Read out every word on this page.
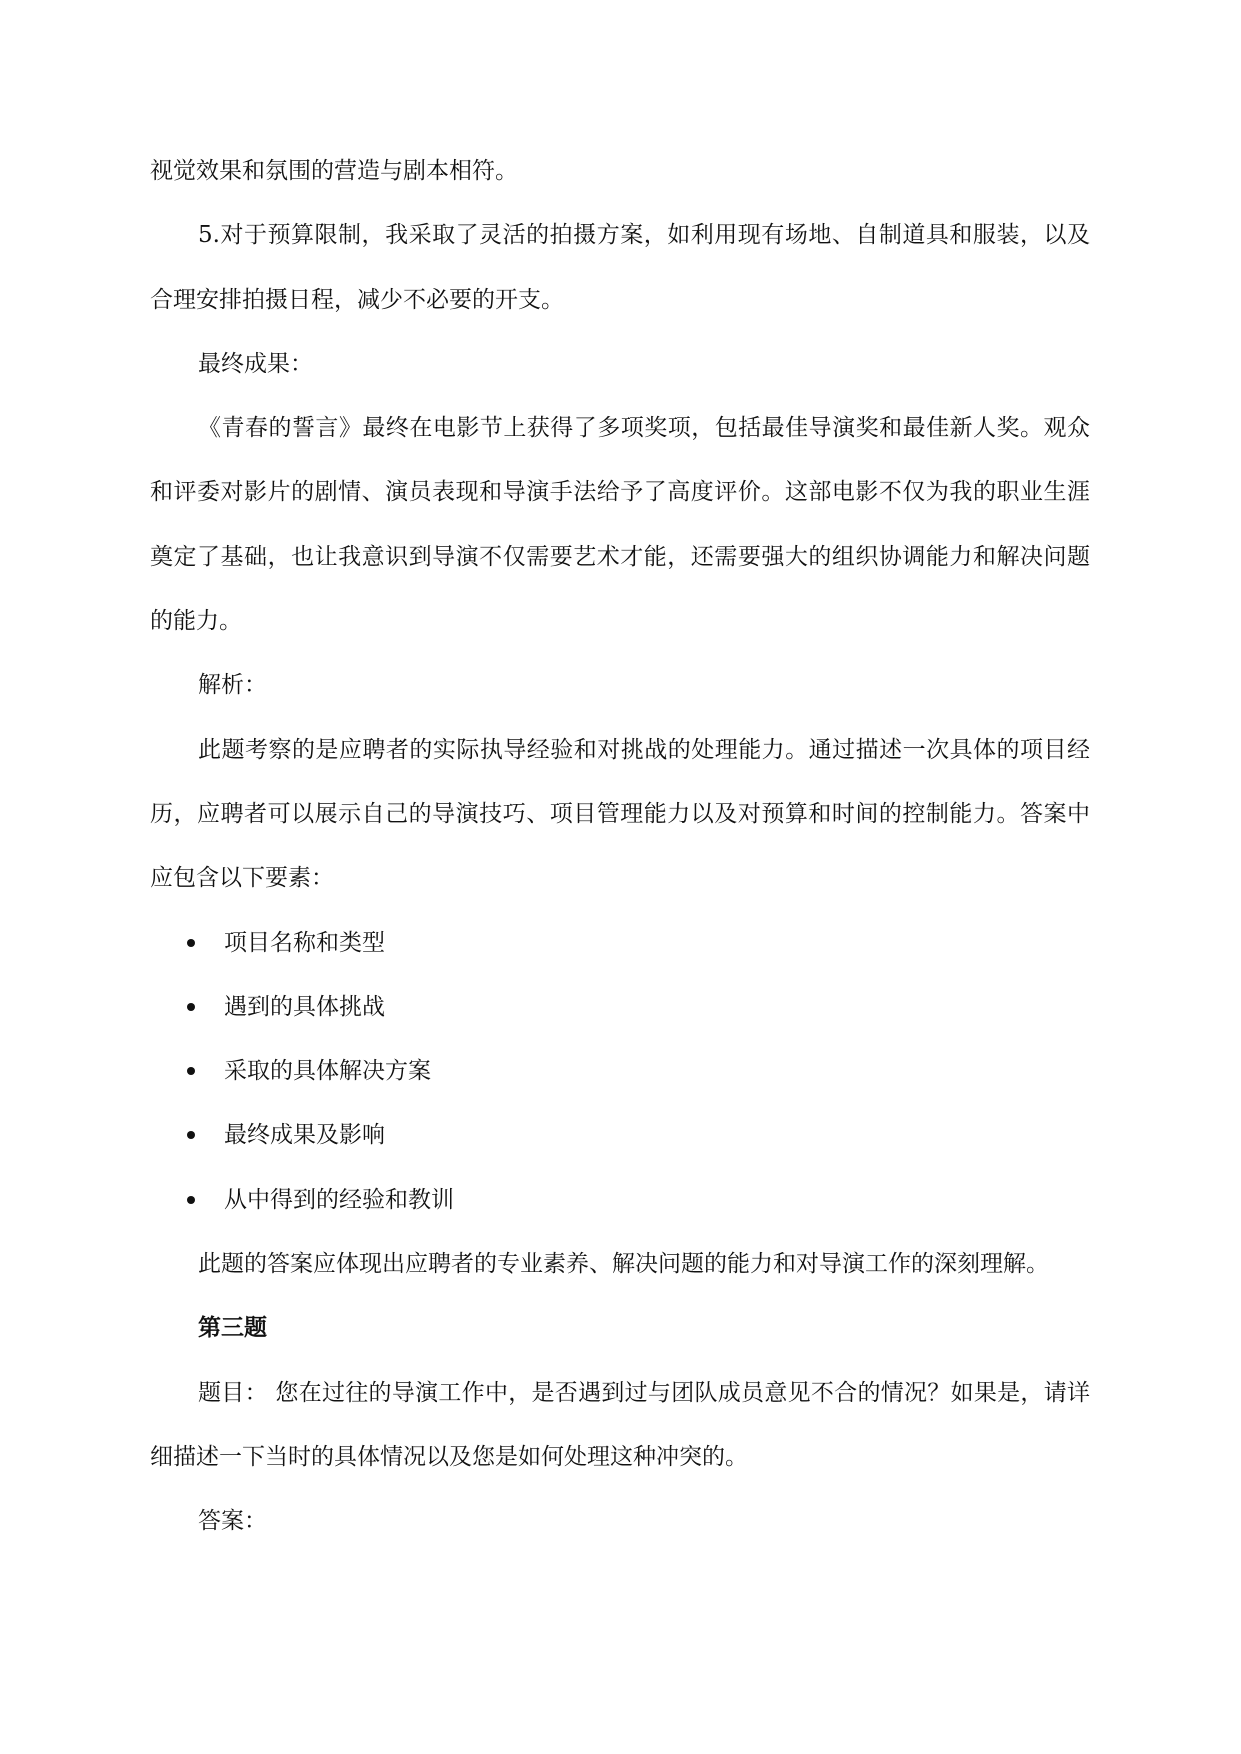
视觉效果和氛围的营造与剧本相符。

5.对于预算限制，我采取了灵活的拍摄方案，如利用现有场地、自制道具和服装，以及合理安排拍摄日程，减少不必要的开支。

最终成果：

《青春的誓言》最终在电影节上获得了多项奖项，包括最佳导演奖和最佳新人奖。观众和评委对影片的剧情、演员表现和导演手法给予了高度评价。这部电影不仅为我的职业生涯奠定了基础，也让我意识到导演不仅需要艺术才能，还需要强大的组织协调能力和解决问题的能力。

解析：

此题考察的是应聘者的实际执导经验和对挑战的处理能力。通过描述一次具体的项目经历，应聘者可以展示自己的导演技巧、项目管理能力以及对预算和时间的控制能力。答案中应包含以下要素：

项目名称和类型
遇到的具体挑战
采取的具体解决方案
最终成果及影响
从中得到的经验和教训

此题的答案应体现出应聘者的专业素养、解决问题的能力和对导演工作的深刻理解。

第三题

题目： 您在过往的导演工作中，是否遇到过与团队成员意见不合的情况？如果是，请详细描述一下当时的具体情况以及您是如何处理这种冲突的。

答案：
